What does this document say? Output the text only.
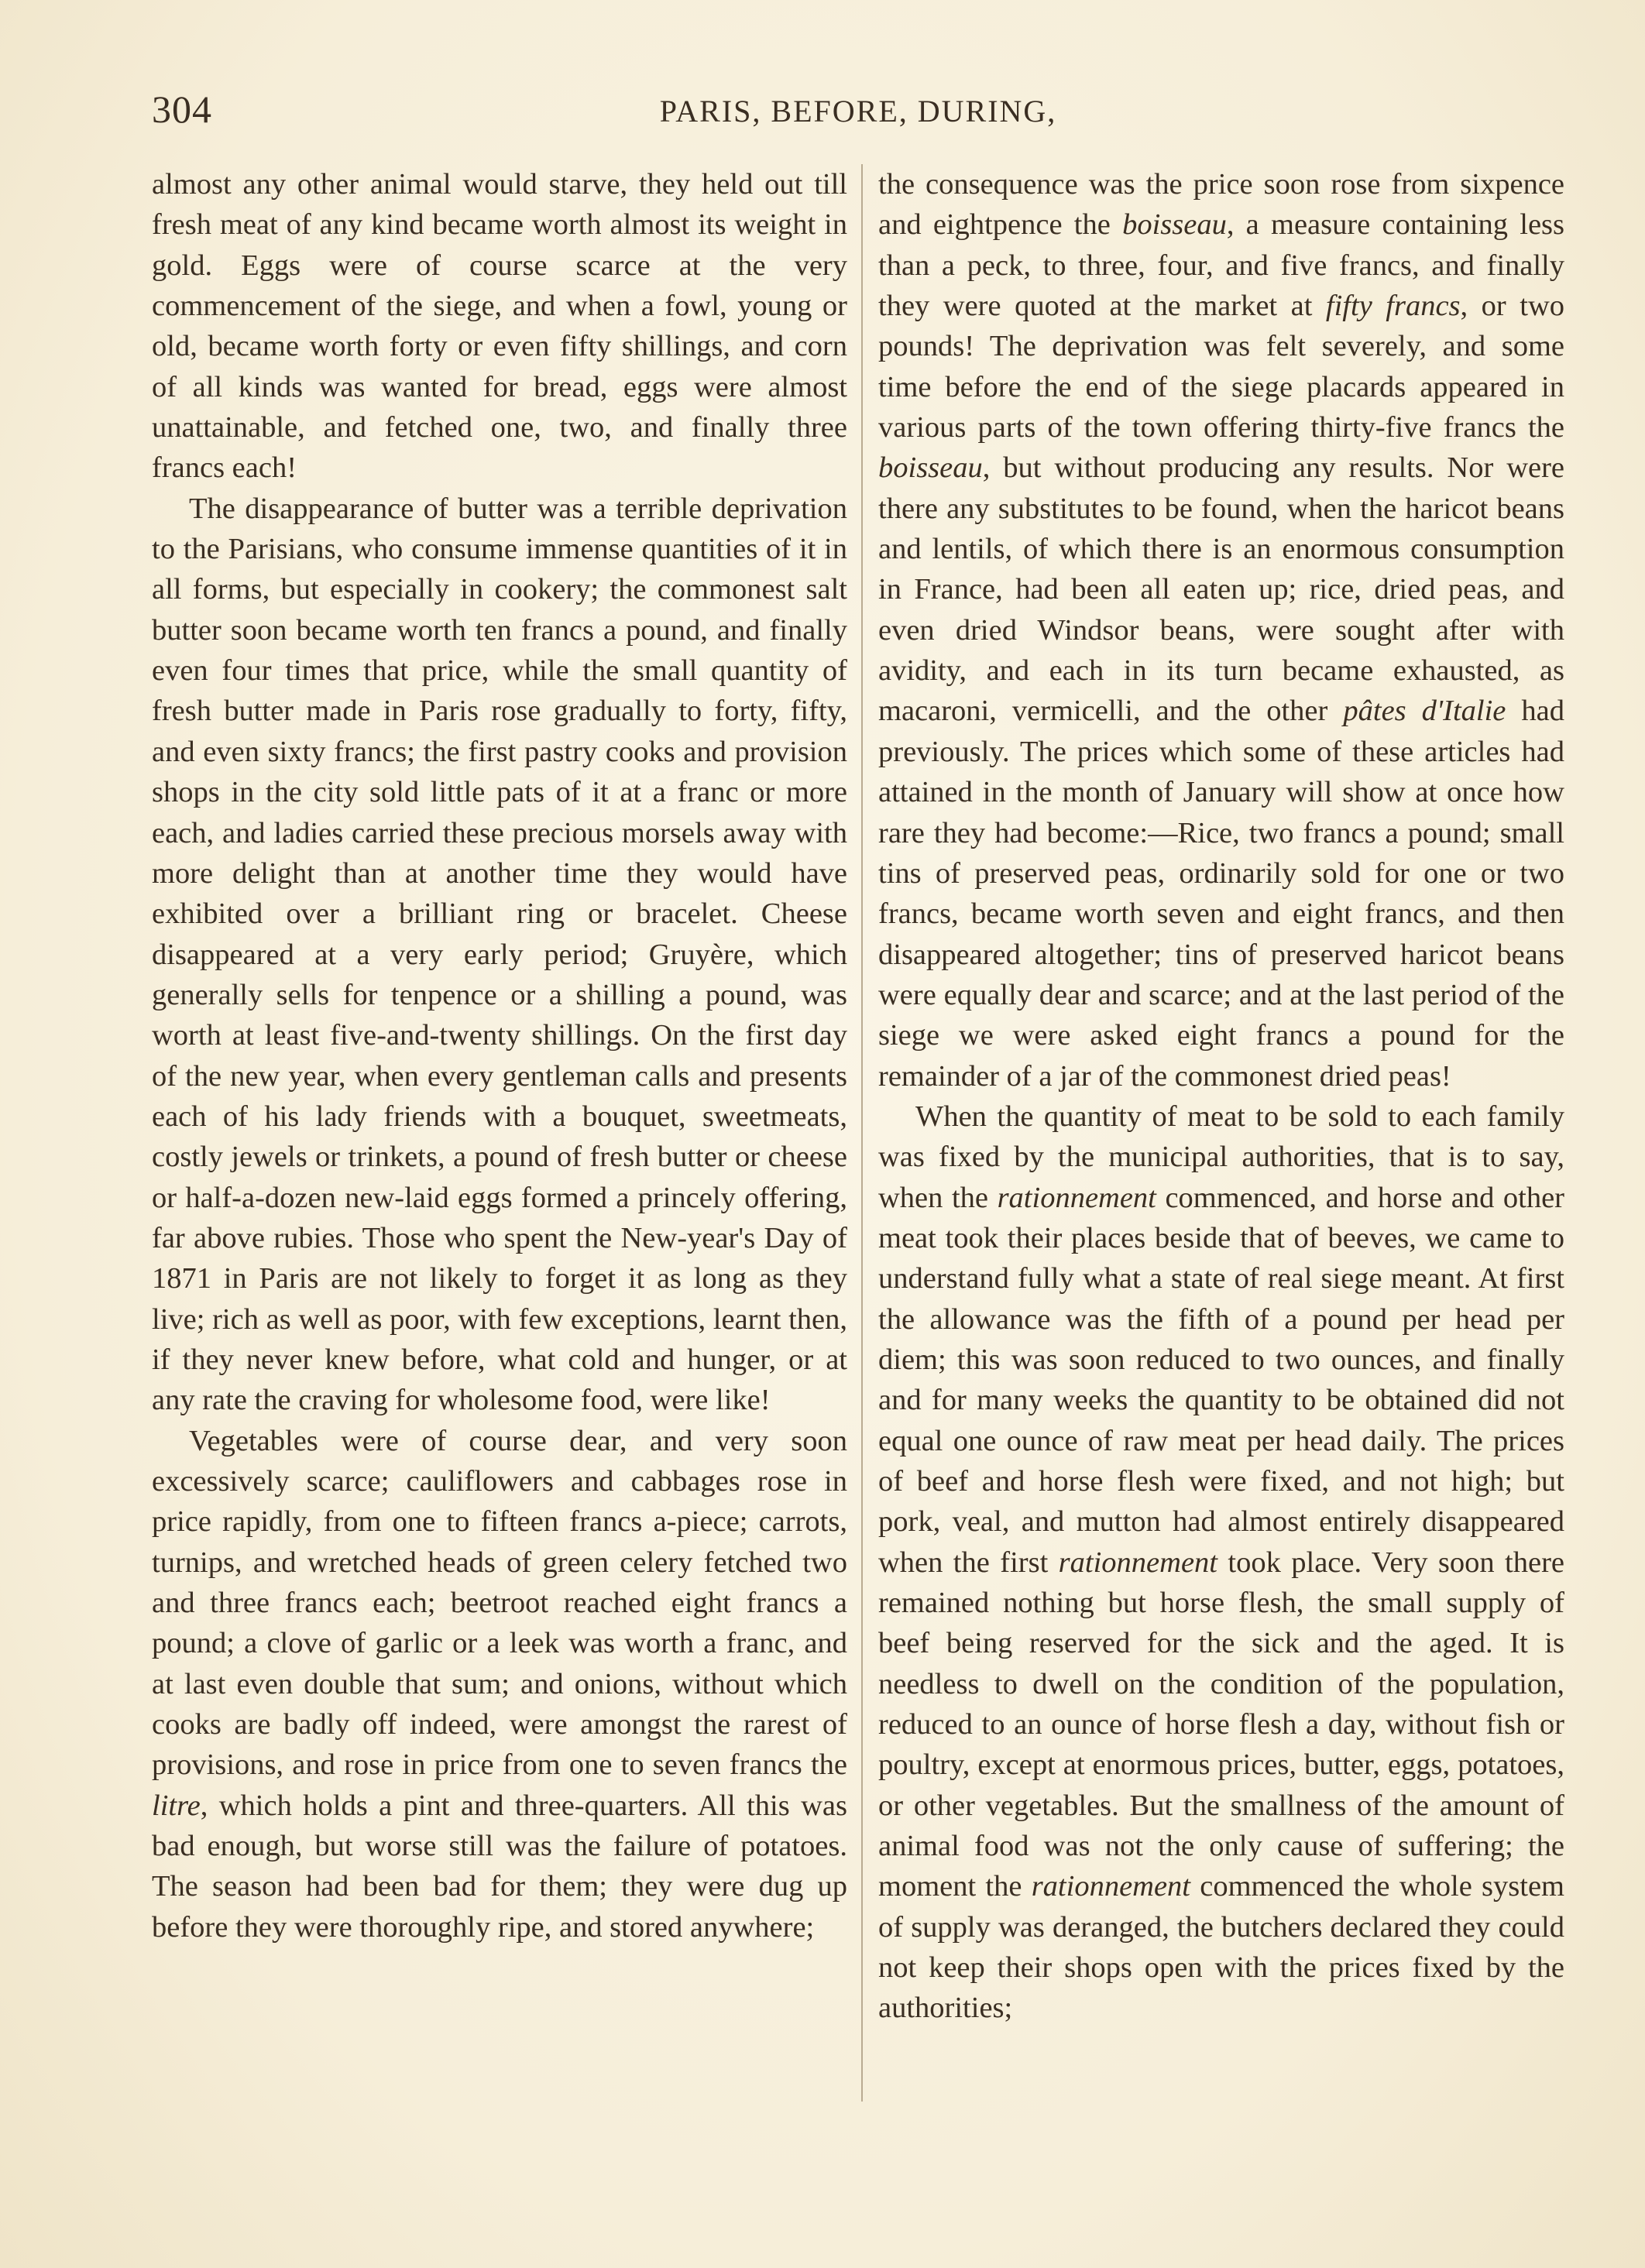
304	PARIS, BEFORE, DURING,

almost any other animal would starve, they held out till fresh meat of any kind became worth almost its weight in gold. Eggs were of course scarce at the very commencement of the siege, and when a fowl, young or old, became worth forty or even fifty shillings, and corn of all kinds was wanted for bread, eggs were almost unattainable, and fetched one, two, and finally three francs each!

The disappearance of butter was a terrible deprivation to the Parisians, who consume immense quantities of it in all forms, but especially in cookery; the commonest salt butter soon became worth ten francs a pound, and finally even four times that price, while the small quantity of fresh butter made in Paris rose gradually to forty, fifty, and even sixty francs; the first pastry cooks and provision shops in the city sold little pats of it at a franc or more each, and ladies carried these precious morsels away with more delight than at another time they would have exhibited over a brilliant ring or bracelet. Cheese disappeared at a very early period; Gruyère, which generally sells for tenpence or a shilling a pound, was worth at least five-and-twenty shillings. On the first day of the new year, when every gentleman calls and presents each of his lady friends with a bouquet, sweetmeats, costly jewels or trinkets, a pound of fresh butter or cheese or half-a-dozen new-laid eggs formed a princely offering, far above rubies. Those who spent the New-year's Day of 1871 in Paris are not likely to forget it as long as they live; rich as well as poor, with few exceptions, learnt then, if they never knew before, what cold and hunger, or at any rate the craving for wholesome food, were like!

Vegetables were of course dear, and very soon excessively scarce; cauliflowers and cabbages rose in price rapidly, from one to fifteen francs a-piece; carrots, turnips, and wretched heads of green celery fetched two and three francs each; beetroot reached eight francs a pound; a clove of garlic or a leek was worth a franc, and at last even double that sum; and onions, without which cooks are badly off indeed, were amongst the rarest of provisions, and rose in price from one to seven francs the litre, which holds a pint and three-quarters. All this was bad enough, but worse still was the failure of potatoes. The season had been bad for them; they were dug up before they were thoroughly ripe, and stored anywhere;

the consequence was the price soon rose from sixpence and eightpence the boisseau, a measure containing less than a peck, to three, four, and five francs, and finally they were quoted at the market at fifty francs, or two pounds! The deprivation was felt severely, and some time before the end of the siege placards appeared in various parts of the town offering thirty-five francs the boisseau, but without producing any results. Nor were there any substitutes to be found, when the haricot beans and lentils, of which there is an enormous consumption in France, had been all eaten up; rice, dried peas, and even dried Windsor beans, were sought after with avidity, and each in its turn became exhausted, as macaroni, vermicelli, and the other pâtes d'Italie had previously. The prices which some of these articles had attained in the month of January will show at once how rare they had become:—Rice, two francs a pound; small tins of preserved peas, ordinarily sold for one or two francs, became worth seven and eight francs, and then disappeared altogether; tins of preserved haricot beans were equally dear and scarce; and at the last period of the siege we were asked eight francs a pound for the remainder of a jar of the commonest dried peas!

When the quantity of meat to be sold to each family was fixed by the municipal authorities, that is to say, when the rationnement commenced, and horse and other meat took their places beside that of beeves, we came to understand fully what a state of real siege meant. At first the allowance was the fifth of a pound per head per diem; this was soon reduced to two ounces, and finally and for many weeks the quantity to be obtained did not equal one ounce of raw meat per head daily. The prices of beef and horse flesh were fixed, and not high; but pork, veal, and mutton had almost entirely disappeared when the first rationnement took place. Very soon there remained nothing but horse flesh, the small supply of beef being reserved for the sick and the aged. It is needless to dwell on the condition of the population, reduced to an ounce of horse flesh a day, without fish or poultry, except at enormous prices, butter, eggs, potatoes, or other vegetables. But the smallness of the amount of animal food was not the only cause of suffering; the moment the rationnement commenced the whole system of supply was deranged, the butchers declared they could not keep their shops open with the prices fixed by the authorities;
